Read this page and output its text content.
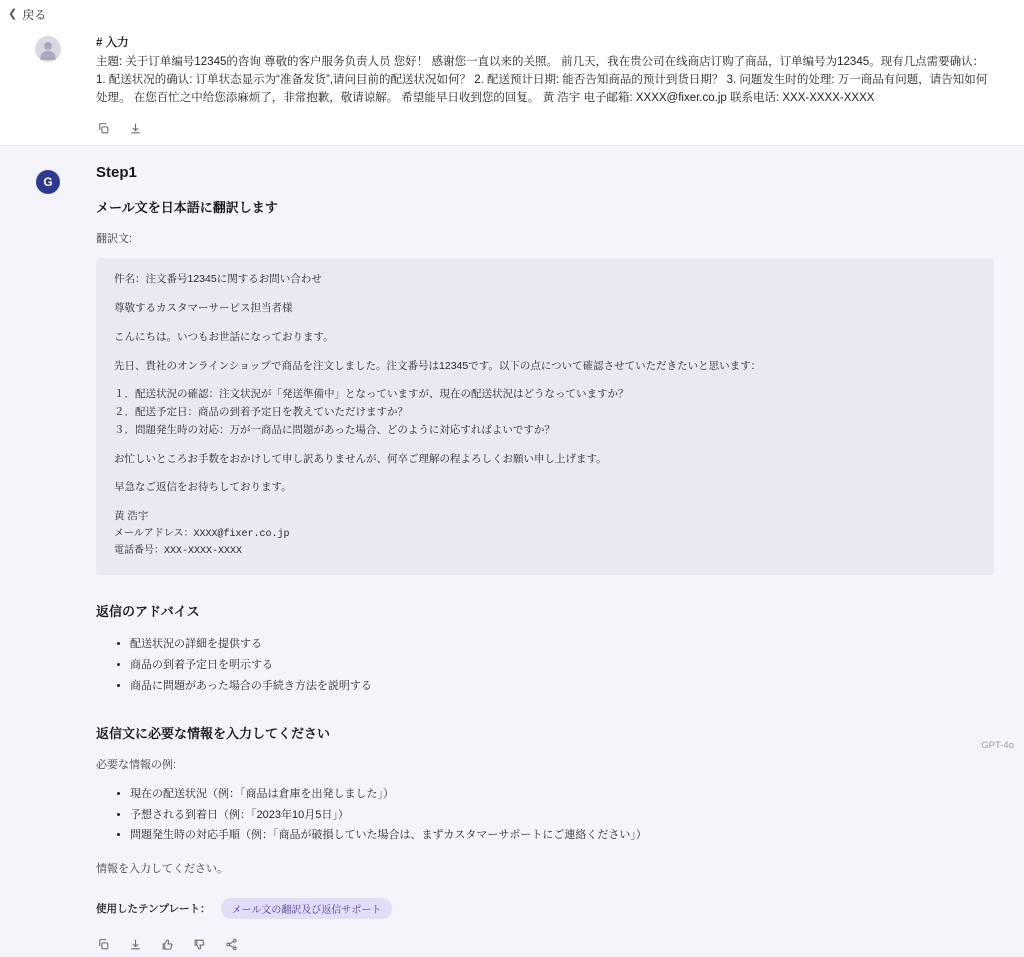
❮ 戻る
# 入力

主題: 关于订单编号12345的咨询 尊敬的客户服务负责人员 您好！ 感谢您一直以来的关照。 前几天，我在贵公司在线商店订购了商品，订单编号为12345。现有几点需要确认： 1. 配送状况的确认: 订单状态显示为“准备发货”,请问目前的配送状况如何？ 2. 配送预计日期: 能否告知商品的预计到货日期？ 3. 问题发生时的处理: 万一商品有问题，请告知如何处理。 在您百忙之中给您添麻烦了，非常抱歉，敬请谅解。 希望能早日收到您的回复。 黄 浩宇 电子邮箱: XXXX@fixer.co.jp 联系电话: XXX-XXXX-XXXX

G
Step1
メール文を日本語に翻訳します

翻訳文:

件名：注文番号12345に関するお問い合わせ

尊敬するカスタマーサービス担当者様

こんにちは。いつもお世話になっております。

先日、貴社のオンラインショップで商品を注文しました。注文番号は12345です。以下の点について確認させていただきたいと思います：

１．配送状況の確認：注文状況が「発送準備中」となっていますが、現在の配送状況はどうなっていますか？

２．配送予定日：商品の到着予定日を教えていただけますか？

３．問題発生時の対応：万が一商品に問題があった場合、どのように対応すればよいですか？

お忙しいところお手数をおかけして申し訳ありませんが、何卒ご理解の程よろしくお願い申し上げます。

早急なご返信をお待ちしております。

黄 浩宇

メールアドレス：XXXX@fixer.co.jp

電話番号：XXX-XXXX-XXXX

返信のアドバイス
• 配送状況の詳細を提供する
• 商品の到着予定日を明示する
• 商品に問題があった場合の手続き方法を説明する
返信文に必要な情報を入力してください

必要な情報の例:

• 現在の配送状況（例：「商品は倉庫を出発しました」）
• 予想される到着日（例：「2023年10月5日」）
• 問題発生時の対応手順（例：「商品が破損していた場合は、まずカスタマーサポートにご連絡ください」）

情報を入力してください。

使用したテンプレート：	メール文の翻訳及び返信サポート
GPT-4o
